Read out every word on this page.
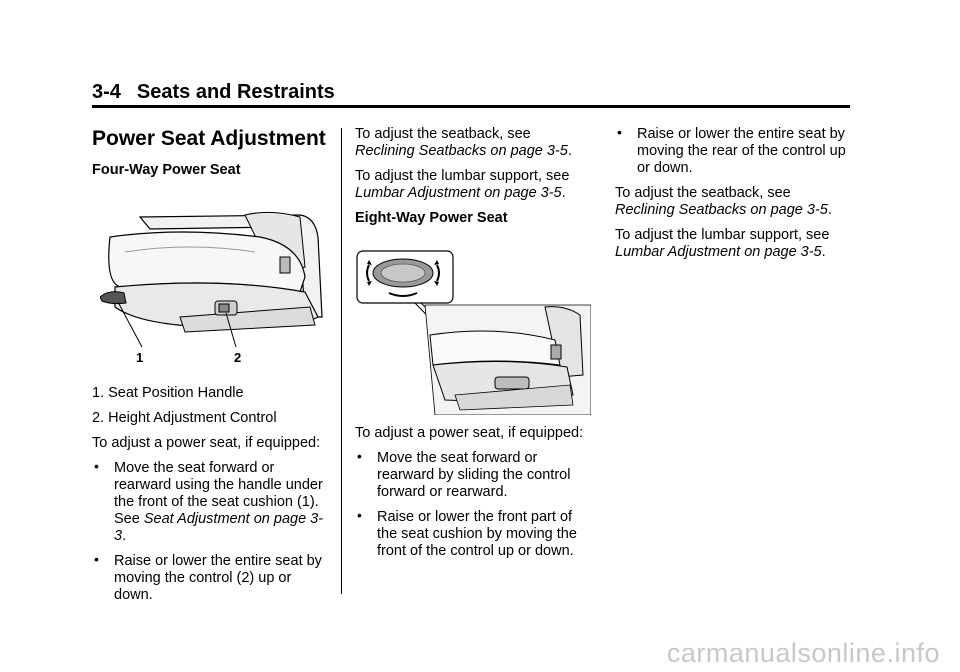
3-4 Seats and Restraints
Power Seat Adjustment

Four-Way Power Seat

1	2

1. Seat Position Handle

2. Height Adjustment Control

To adjust a power seat, if equipped:

• Move the seat forward or rearward using the handle under the front of the seat cushion (1). See Seat Adjustment on page 3-3.
• Raise or lower the entire seat by moving the control (2) up or down.

To adjust the seatback, see
Reclining Seatbacks on page 3-5.

To adjust the lumbar support, see
Lumbar Adjustment on page 3-5.

Eight-Way Power Seat

To adjust a power seat, if equipped:

• Move the seat forward or rearward by sliding the control forward or rearward.
• Raise or lower the front part of the seat cushion by moving the front of the control up or down.
• Raise or lower the entire seat by moving the rear of the control up or down.

To adjust the seatback, see
Reclining Seatbacks on page 3-5.

To adjust the lumbar support, see
Lumbar Adjustment on page 3-5.

carmanualsonline.info
